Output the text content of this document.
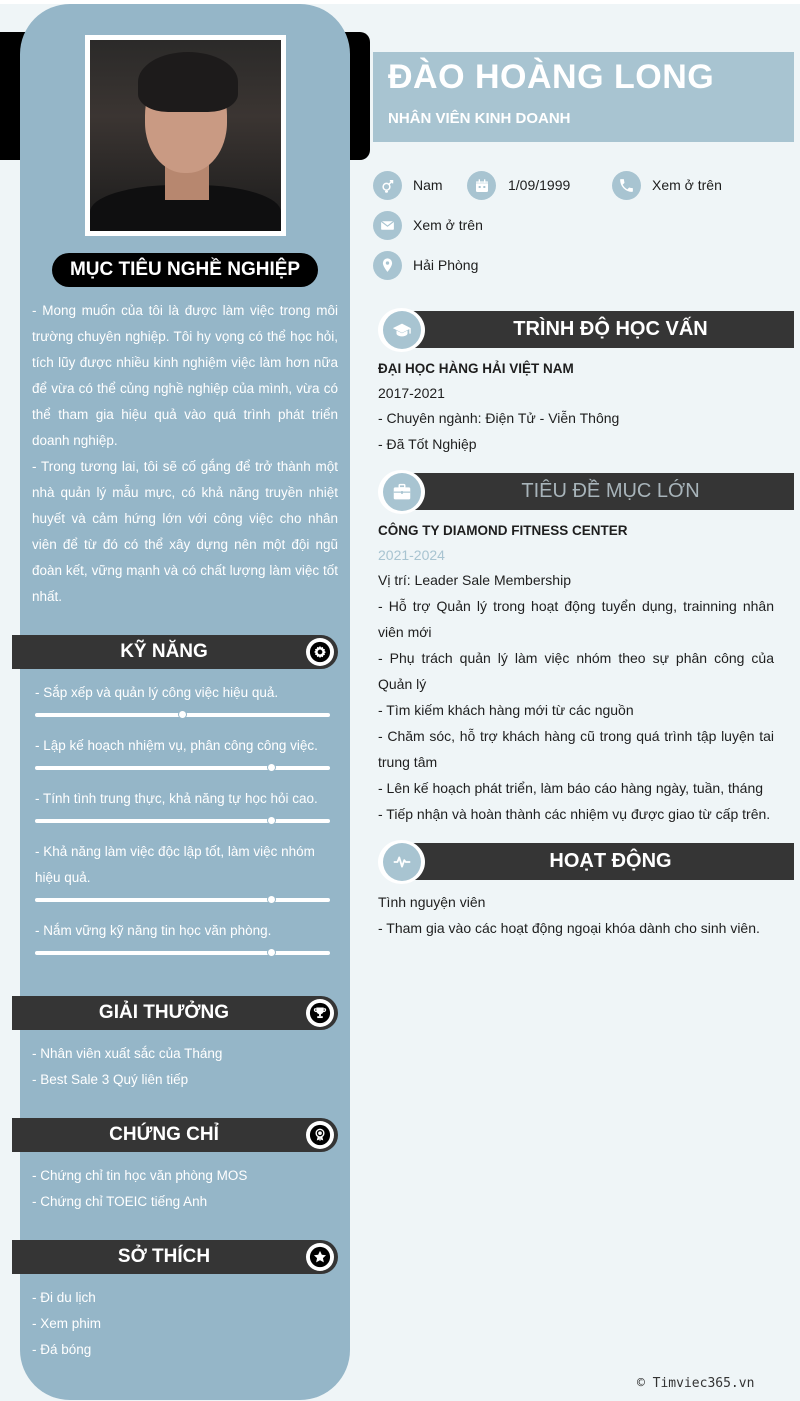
MỤC TIÊU NGHỀ NGHIỆP
- Mong muốn của tôi là được làm việc trong môi trường chuyên nghiệp. Tôi hy vọng có thể học hỏi, tích lũy được nhiều kinh nghiệm việc làm hơn nữa để vừa có thể củng nghề nghiệp của mình, vừa có thể tham gia hiệu quả vào quá trình phát triển doanh nghiệp.
- Trong tương lai, tôi sẽ cố gắng để trở thành một nhà quản lý mẫu mực, có khả năng truyền nhiệt huyết và cảm hứng lớn với công việc cho nhân viên để từ đó có thể xây dựng nên một đội ngũ đoàn kết, vững mạnh và có chất lượng làm việc tốt nhất.
KỸ NĂNG
- Sắp xếp và quản lý công việc hiệu quả.
- Lập kế hoạch nhiệm vụ, phân công công việc.
- Tính tình trung thực, khả năng tự học hỏi cao.
- Khả năng làm việc độc lập tốt, làm việc nhóm hiệu quả.
- Nắm vững kỹ năng tin học văn phòng.
GIẢI THƯỞNG
- Nhân viên xuất sắc của Tháng
- Best Sale 3 Quý liên tiếp
CHỨNG CHỈ
- Chứng chỉ tin học văn phòng MOS
- Chứng chỉ TOEIC tiếng Anh
SỞ THÍCH
- Đi du lịch
- Xem phim
- Đá bóng
ĐÀO HOÀNG LONG
NHÂN VIÊN KINH DOANH
Nam	1/09/1999	Xem ở trên
Xem ở trên
Hải Phòng
TRÌNH ĐỘ HỌC VẤN
ĐẠI HỌC HÀNG HẢI VIỆT NAM
2017-2021
- Chuyên ngành: Điện Tử - Viễn Thông
- Đã Tốt Nghiệp
TIÊU ĐỀ MỤC LỚN
CÔNG TY DIAMOND FITNESS CENTER
2021-2024
Vị trí: Leader Sale Membership
- Hỗ trợ Quản lý trong hoạt động tuyển dụng, trainning nhân viên mới
- Phụ trách quản lý làm việc nhóm theo sự phân công của Quản lý
- Tìm kiếm khách hàng mới từ các nguồn
- Chăm sóc, hỗ trợ khách hàng cũ trong quá trình tập luyện tai trung tâm
- Lên kế hoạch phát triển, làm báo cáo hàng ngày, tuần, tháng
- Tiếp nhận và hoàn thành các nhiệm vụ được giao từ cấp trên.
HOẠT ĐỘNG
Tình nguyện viên
- Tham gia vào các hoạt động ngoại khóa dành cho sinh viên.
© Timviec365.vn
